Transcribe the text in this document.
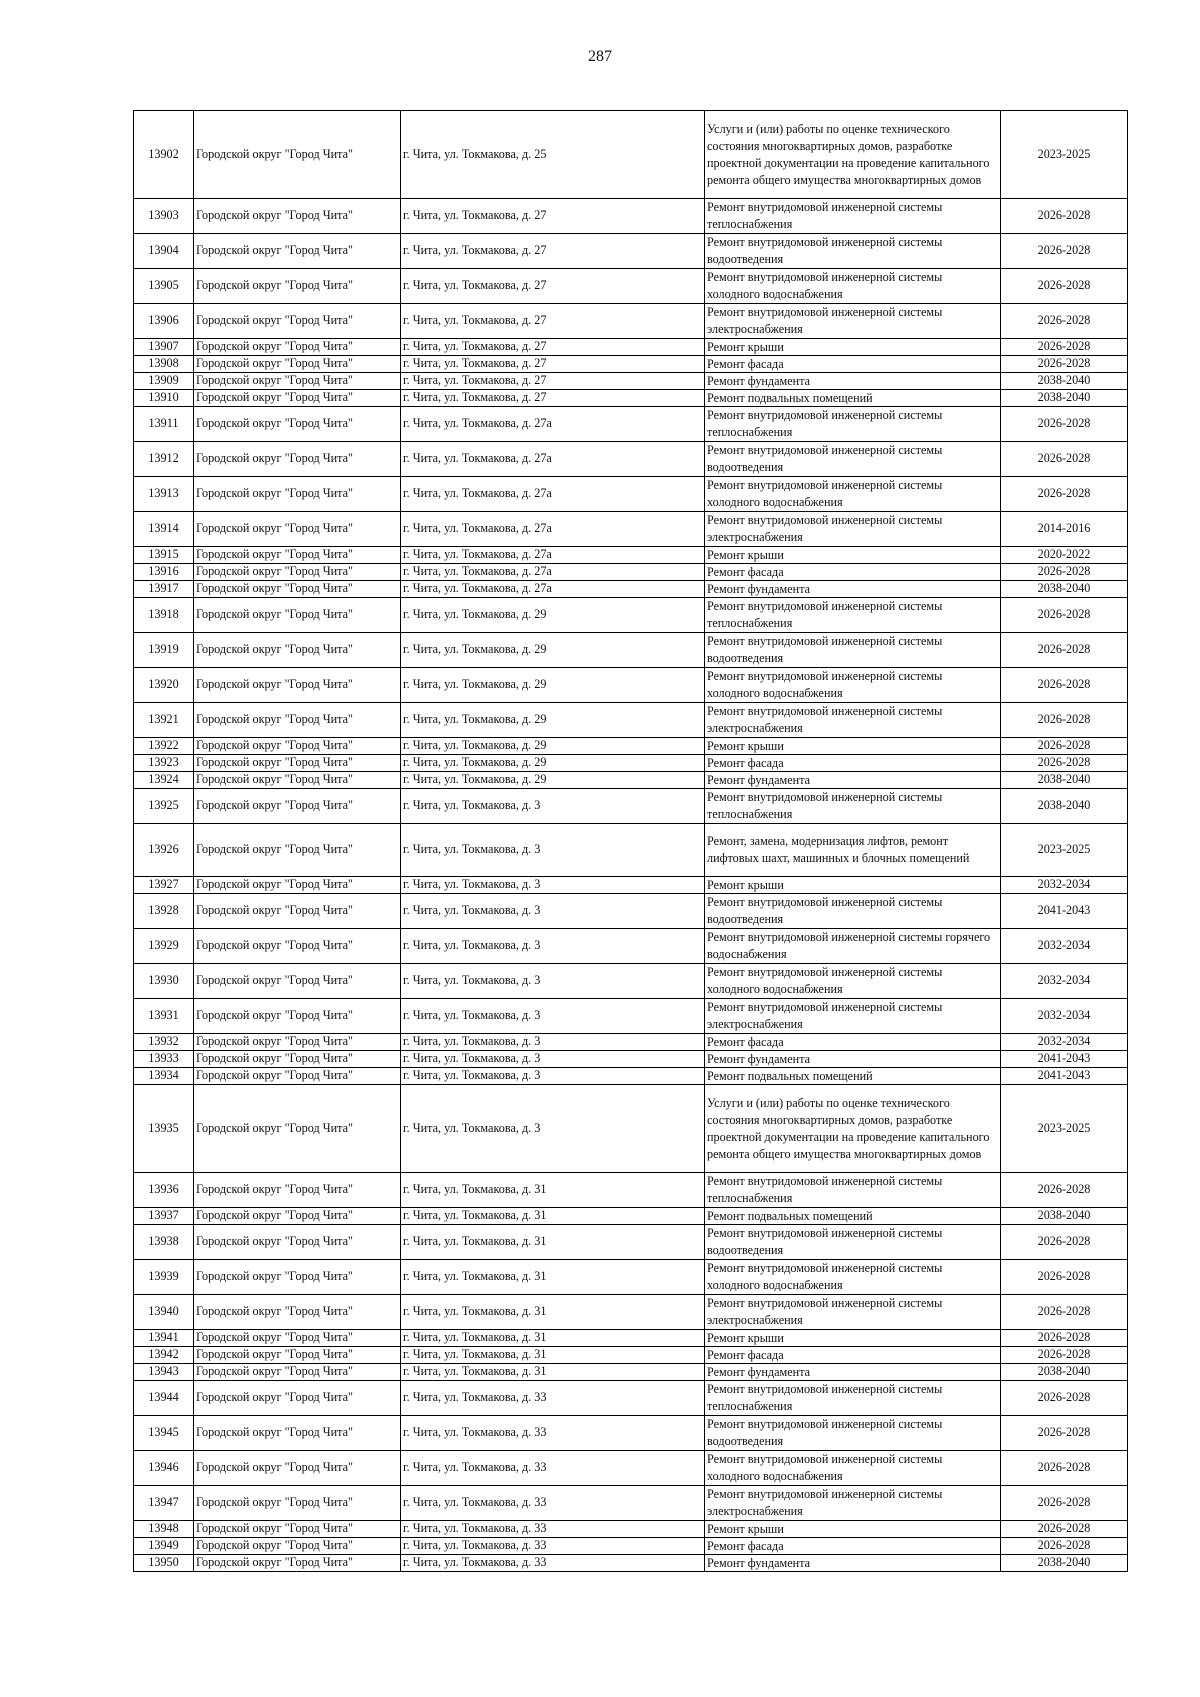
287
13902	Городской округ "Город Чита"	г. Чита, ул. Токмакова, д. 25	Услуги и (или) работы по оценке технического состояния многоквартирных домов, разработке проектной документации на проведение капитального ремонта общего имущества многоквартирных домов	2023-2025
13903	Городской округ "Город Чита"	г. Чита, ул. Токмакова, д. 27	Ремонт внутридомовой инженерной системы теплоснабжения	2026-2028
13904	Городской округ "Город Чита"	г. Чита, ул. Токмакова, д. 27	Ремонт внутридомовой инженерной системы водоотведения	2026-2028
13905	Городской округ "Город Чита"	г. Чита, ул. Токмакова, д. 27	Ремонт внутридомовой инженерной системы холодного водоснабжения	2026-2028
13906	Городской округ "Город Чита"	г. Чита, ул. Токмакова, д. 27	Ремонт внутридомовой инженерной системы электроснабжения	2026-2028
13907	Городской округ "Город Чита"	г. Чита, ул. Токмакова, д. 27	Ремонт крыши	2026-2028
13908	Городской округ "Город Чита"	г. Чита, ул. Токмакова, д. 27	Ремонт фасада	2026-2028
13909	Городской округ "Город Чита"	г. Чита, ул. Токмакова, д. 27	Ремонт фундамента	2038-2040
13910	Городской округ "Город Чита"	г. Чита, ул. Токмакова, д. 27	Ремонт подвальных помещений	2038-2040
13911	Городской округ "Город Чита"	г. Чита, ул. Токмакова, д. 27а	Ремонт внутридомовой инженерной системы теплоснабжения	2026-2028
13912	Городской округ "Город Чита"	г. Чита, ул. Токмакова, д. 27а	Ремонт внутридомовой инженерной системы водоотведения	2026-2028
13913	Городской округ "Город Чита"	г. Чита, ул. Токмакова, д. 27а	Ремонт внутридомовой инженерной системы холодного водоснабжения	2026-2028
13914	Городской округ "Город Чита"	г. Чита, ул. Токмакова, д. 27а	Ремонт внутридомовой инженерной системы электроснабжения	2014-2016
13915	Городской округ "Город Чита"	г. Чита, ул. Токмакова, д. 27а	Ремонт крыши	2020-2022
13916	Городской округ "Город Чита"	г. Чита, ул. Токмакова, д. 27а	Ремонт фасада	2026-2028
13917	Городской округ "Город Чита"	г. Чита, ул. Токмакова, д. 27а	Ремонт фундамента	2038-2040
13918	Городской округ "Город Чита"	г. Чита, ул. Токмакова, д. 29	Ремонт внутридомовой инженерной системы теплоснабжения	2026-2028
13919	Городской округ "Город Чита"	г. Чита, ул. Токмакова, д. 29	Ремонт внутридомовой инженерной системы водоотведения	2026-2028
13920	Городской округ "Город Чита"	г. Чита, ул. Токмакова, д. 29	Ремонт внутридомовой инженерной системы холодного водоснабжения	2026-2028
13921	Городской округ "Город Чита"	г. Чита, ул. Токмакова, д. 29	Ремонт внутридомовой инженерной системы электроснабжения	2026-2028
13922	Городской округ "Город Чита"	г. Чита, ул. Токмакова, д. 29	Ремонт крыши	2026-2028
13923	Городской округ "Город Чита"	г. Чита, ул. Токмакова, д. 29	Ремонт фасада	2026-2028
13924	Городской округ "Город Чита"	г. Чита, ул. Токмакова, д. 29	Ремонт фундамента	2038-2040
13925	Городской округ "Город Чита"	г. Чита, ул. Токмакова, д. 3	Ремонт внутридомовой инженерной системы теплоснабжения	2038-2040
13926	Городской округ "Город Чита"	г. Чита, ул. Токмакова, д. 3	Ремонт, замена, модернизация лифтов, ремонт лифтовых шахт, машинных и блочных помещений	2023-2025
13927	Городской округ "Город Чита"	г. Чита, ул. Токмакова, д. 3	Ремонт крыши	2032-2034
13928	Городской округ "Город Чита"	г. Чита, ул. Токмакова, д. 3	Ремонт внутридомовой инженерной системы водоотведения	2041-2043
13929	Городской округ "Город Чита"	г. Чита, ул. Токмакова, д. 3	Ремонт внутридомовой инженерной системы горячего водоснабжения	2032-2034
13930	Городской округ "Город Чита"	г. Чита, ул. Токмакова, д. 3	Ремонт внутридомовой инженерной системы холодного водоснабжения	2032-2034
13931	Городской округ "Город Чита"	г. Чита, ул. Токмакова, д. 3	Ремонт внутридомовой инженерной системы электроснабжения	2032-2034
13932	Городской округ "Город Чита"	г. Чита, ул. Токмакова, д. 3	Ремонт фасада	2032-2034
13933	Городской округ "Город Чита"	г. Чита, ул. Токмакова, д. 3	Ремонт фундамента	2041-2043
13934	Городской округ "Город Чита"	г. Чита, ул. Токмакова, д. 3	Ремонт подвальных помещений	2041-2043
13935	Городской округ "Город Чита"	г. Чита, ул. Токмакова, д. 3	Услуги и (или) работы по оценке технического состояния многоквартирных домов, разработке проектной документации на проведение капитального ремонта общего имущества многоквартирных домов	2023-2025
13936	Городской округ "Город Чита"	г. Чита, ул. Токмакова, д. 31	Ремонт внутридомовой инженерной системы теплоснабжения	2026-2028
13937	Городской округ "Город Чита"	г. Чита, ул. Токмакова, д. 31	Ремонт подвальных помещений	2038-2040
13938	Городской округ "Город Чита"	г. Чита, ул. Токмакова, д. 31	Ремонт внутридомовой инженерной системы водоотведения	2026-2028
13939	Городской округ "Город Чита"	г. Чита, ул. Токмакова, д. 31	Ремонт внутридомовой инженерной системы холодного водоснабжения	2026-2028
13940	Городской округ "Город Чита"	г. Чита, ул. Токмакова, д. 31	Ремонт внутридомовой инженерной системы электроснабжения	2026-2028
13941	Городской округ "Город Чита"	г. Чита, ул. Токмакова, д. 31	Ремонт крыши	2026-2028
13942	Городской округ "Город Чита"	г. Чита, ул. Токмакова, д. 31	Ремонт фасада	2026-2028
13943	Городской округ "Город Чита"	г. Чита, ул. Токмакова, д. 31	Ремонт фундамента	2038-2040
13944	Городской округ "Город Чита"	г. Чита, ул. Токмакова, д. 33	Ремонт внутридомовой инженерной системы теплоснабжения	2026-2028
13945	Городской округ "Город Чита"	г. Чита, ул. Токмакова, д. 33	Ремонт внутридомовой инженерной системы водоотведения	2026-2028
13946	Городской округ "Город Чита"	г. Чита, ул. Токмакова, д. 33	Ремонт внутридомовой инженерной системы холодного водоснабжения	2026-2028
13947	Городской округ "Город Чита"	г. Чита, ул. Токмакова, д. 33	Ремонт внутридомовой инженерной системы электроснабжения	2026-2028
13948	Городской округ "Город Чита"	г. Чита, ул. Токмакова, д. 33	Ремонт крыши	2026-2028
13949	Городской округ "Город Чита"	г. Чита, ул. Токмакова, д. 33	Ремонт фасада	2026-2028
13950	Городской округ "Город Чита"	г. Чита, ул. Токмакова, д. 33	Ремонт фундамента	2038-2040
